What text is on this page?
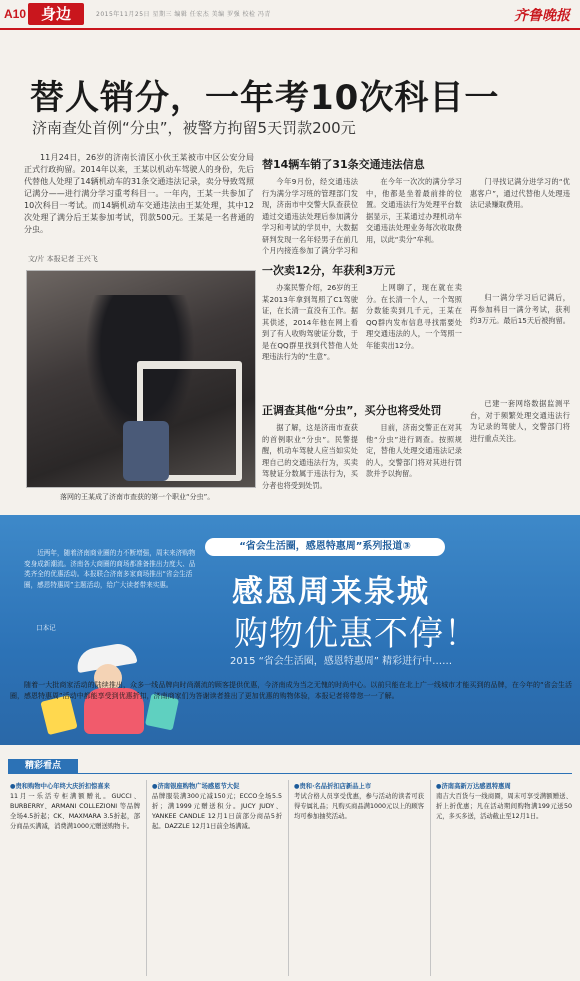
A10 身边	2015年11月25日 星期三 编辑 任宏杰 美编 罗强 校检 冯青	齐鲁晚报
替人销分，一年考10次科目一
济南查处首例“分虫”，被警方拘留5天罚款200元
11月24日，26岁的济南长清区小伙王某被市中区公安分局正式行政拘留。2014年以来，王某以机动车驾驶人的身份，先后代替他人处理了14辆机动车的31条交通违法记录，卖分导致驾照记满分——进行满分学习重考科目一。一年内，王某一共参加了10次科目一考试。而14辆机动车交通违法由王某处理，其中12次处理了满分后王某参加考试，罚款500元。王某是一名普通的分虫。
文/片 本报记者 王兴飞
落网的王某成了济南市查获的第一个职业“分虫”。
替14辆车销了31条交通违法信息

今年9月份，经交通违法行为满分学习班的管理部门发现，济南市中交警大队查获位通过交通违法处理后参加满分学习和考试的学员中，大数据研判发现一名年轻男子在前几个月内接连参加了满分学习和

在今年一次次的满分学习中，他都是坐着最前排的位置。交通违法行为处理平台数据显示，王某通过办理机动车交通违法处理业务每次收取费用，以此“卖分”牟利。

门寻找记满分进学习的“优惠客户”，通过代替他人处理违法记录赚取费用。

一次卖12分，年获利3万元

办案民警介绍，26岁的王某2013年拿到驾照了C1驾驶证，在长清一直没有工作。据其供述，2014年他在网上看到了有人收购驾驶证分数，于是在QQ群里找到代替他人处理违法行为的“生意”。

上网聊了，现在就在卖分。在长清一个人，一个驾照分数能卖到几千元，王某在QQ群内发布信息寻找需要处理交通违法的人，一个驾照一年能卖出12分。

归一满分学习后记满后，再参加科目一满分考试，获利约3万元。最后15天后被拘留。

正调查其他“分虫”，买分也将受处罚

据了解，这是济南市查获的首例职业“分虫”。民警提醒，机动车驾驶人应当如实处理自己的交通违法行为，买卖驾驶证分数属于违法行为，买分者也将受到处罚。

目前，济南交警正在对其他“分虫”进行调查。按照规定，替他人处理交通违法记录的人，交警部门将对其进行罚款并予以拘留。

已建一套网络数据监测平台，对于频繁处理交通违法行为记录的驾驶人，交警部门将进行重点关注。

“省会生活圈，感恩特惠周”系列报道③
近两年，随着济南商业圈的力不断增强，周末来济购物变身成新潮流。济南各大商圈的商场都准备推出力度大、品类齐全的优惠活动。本报联合济南多家商场推出“省会生活圈，感恩特惠周”主题活动，给广大读者带来实惠。
口本记
感恩周来泉城
购物优惠不停！
2015 “省会生活圈，感恩特惠周” 精彩进行中……
随着一大批商家活动的陆续推出，众多一线品牌向时尚潮流的顾客提供优惠，今济南成为当之无愧的时尚中心。以前只能在北上广一线城市才能买到的品牌，在今年的“省会生活圈，感恩特惠周”活动中都能享受到优惠折扣，济南商家们为答谢读者推出了更加优惠的购物体验，本报记者将带您一一了解。
精彩看点
●贵和购物中心年终大庆折扣惊喜来
11月一乐活专柜满额赠礼。GUCCI、BURBERRY、ARMANI COLLEZIONI 等品牌全场4.5折起；CK、MAXMARA 3.5折起，部分商品买满减，消费满1000元赠送购物卡。
●济南银座购物广场感恩节大促
品牌服装满300元减150元；ECCO全场5.5折；满1999元赠送积分。JUCY JUDY、YANKEE CANDLE 12月1日前部分商品5折起。DAZZLE 12月1日前全场满减。
●贵和·名品折扣店新品上市
考试合格人员享受优惠，参与活动的读者可获得专属礼品；凡购买商品满1000元以上的顾客均可参加抽奖活动。
●济南高新万达感恩特惠周
南吉大百货与一线商圈，周末可享受满额赠送、折上折优惠；凡在活动期间购物满199元送50元，多买多送，活动截止至12月1日。
